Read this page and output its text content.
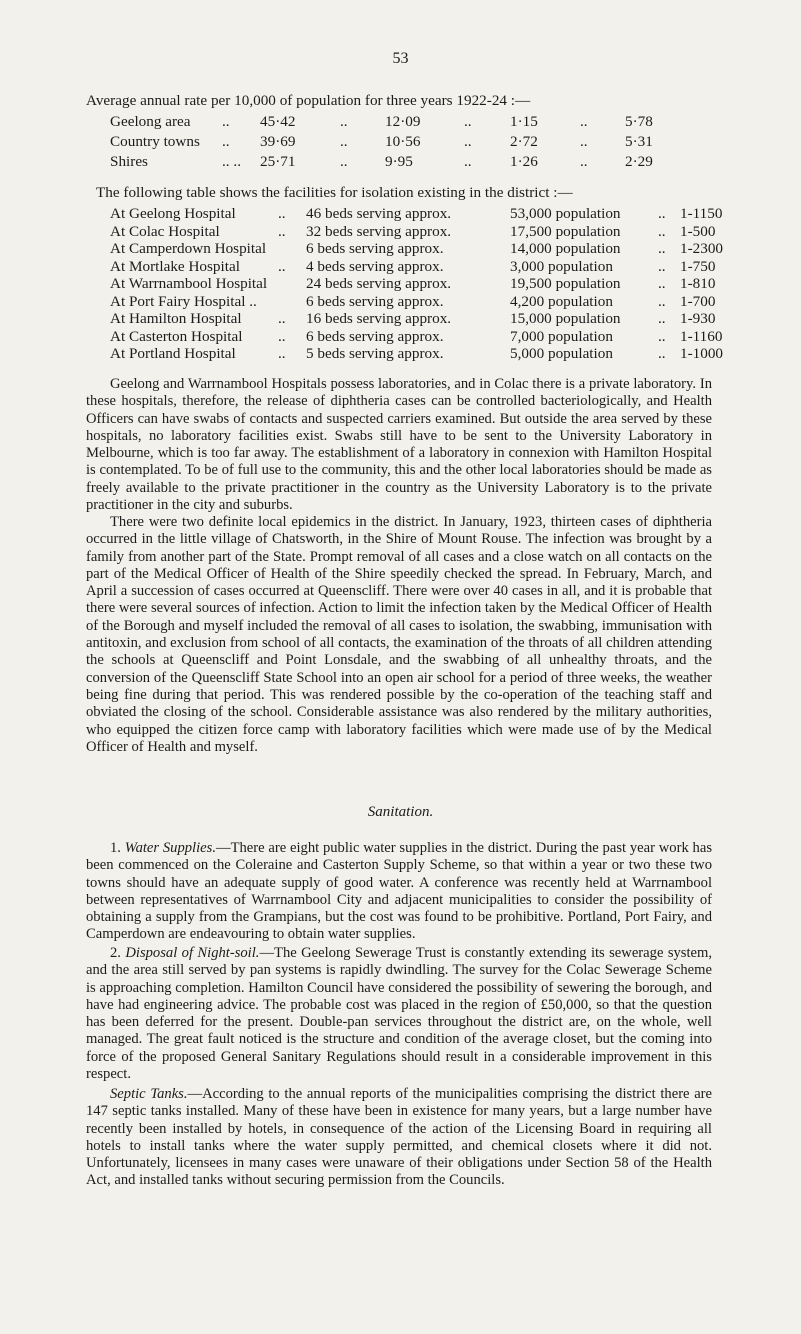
53
Average annual rate per 10,000 of population for three years 1922-24 :—
Geelong area .. 45·42	.. 12·09	..	1·15	.. 5·78
Country towns .. 39·69	.. 10·56	..	2·72	.. 5·31
Shires	.. .. 25·71	.. 9·95	..	1·26	.. 2·29
The following table shows the facilities for isolation existing in the district :—
At Geelong Hospital	.. 46 beds serving approx.	53,000 population .. 1-1150
At Colac Hospital	.. 32 beds serving approx.	17,500 population .. 1-500
At Camperdown Hospital	6 beds serving approx.	14,000 population .. 1-2300
At Mortlake Hospital	.. 4 beds serving approx.	3,000 population	.. 1-750
At Warrnambool Hospital	24 beds serving approx.	19,500 population .. 1-810
At Port Fairy Hospital ..	6 beds serving approx.	4,200 population	.. 1-700
At Hamilton Hospital .. 16 beds serving approx.	15,000 population .. 1-930
At Casterton Hospital .. 6 beds serving approx.	7,000 population	.. 1-1160
At Portland Hospital	.. 5 beds serving approx.	5,000 population	.. 1-1000

Geelong and Warrnambool Hospitals possess laboratories, and in Colac there is a private laboratory. In these hospitals, therefore, the release of diphtheria cases can be controlled bacteriologically, and Health Officers can have swabs of contacts and suspected carriers examined. But outside the area served by these hospitals, no laboratory facilities exist. Swabs still have to be sent to the University Laboratory in Melbourne, which is too far away. The establishment of a laboratory in connexion with Hamilton Hospital is contemplated. To be of full use to the community, this and the other local laboratories should be made as freely available to the private practitioner in the country as the University Laboratory is to the private practitioner in the city and suburbs.

There were two definite local epidemics in the district. In January, 1923, thirteen cases of diphtheria occurred in the little village of Chatsworth, in the Shire of Mount Rouse. The infection was brought by a family from another part of the State. Prompt removal of all cases and a close watch on all contacts on the part of the Medical Officer of Health of the Shire speedily checked the spread. In February, March, and April a succession of cases occurred at Queenscliff. There were over 40 cases in all, and it is probable that there were several sources of infection. Action to limit the infection taken by the Medical Officer of Health of the Borough and myself included the removal of all cases to isolation, the swabbing, immunisation with antitoxin, and exclusion from school of all contacts, the examination of the throats of all children attending the schools at Queenscliff and Point Lonsdale, and the swabbing of all unhealthy throats, and the conversion of the Queenscliff State School into an open air school for a period of three weeks, the weather being fine during that period. This was rendered possible by the co-operation of the teaching staff and obviated the closing of the school. Considerable assistance was also rendered by the military authorities, who equipped the citizen force camp with laboratory facilities which were made use of by the Medical Officer of Health and myself.

Sanitation.

1. Water Supplies.—There are eight public water supplies in the district. During the past year work has been commenced on the Coleraine and Casterton Supply Scheme, so that within a year or two these two towns should have an adequate supply of good water. A conference was recently held at Warrnambool between representatives of Warrnambool City and adjacent municipalities to consider the possibility of obtaining a supply from the Grampians, but the cost was found to be prohibitive. Portland, Port Fairy, and Camperdown are endeavouring to obtain water supplies.

2. Disposal of Night-soil.—The Geelong Sewerage Trust is constantly extending its sewerage system, and the area still served by pan systems is rapidly dwindling. The survey for the Colac Sewerage Scheme is approaching completion. Hamilton Council have considered the possibility of sewering the borough, and have had engineering advice. The probable cost was placed in the region of £50,000, so that the question has been deferred for the present. Double-pan services throughout the district are, on the whole, well managed. The great fault noticed is the structure and condition of the average closet, but the coming into force of the proposed General Sanitary Regulations should result in a considerable improvement in this respect.

Septic Tanks.—According to the annual reports of the municipalities comprising the district there are 147 septic tanks installed. Many of these have been in existence for many years, but a large number have recently been installed by hotels, in consequence of the action of the Licensing Board in requiring all hotels to install tanks where the water supply permitted, and chemical closets where it did not. Unfortunately, licensees in many cases were unaware of their obligations under Section 58 of the Health Act, and installed tanks without securing permission from the Councils.
